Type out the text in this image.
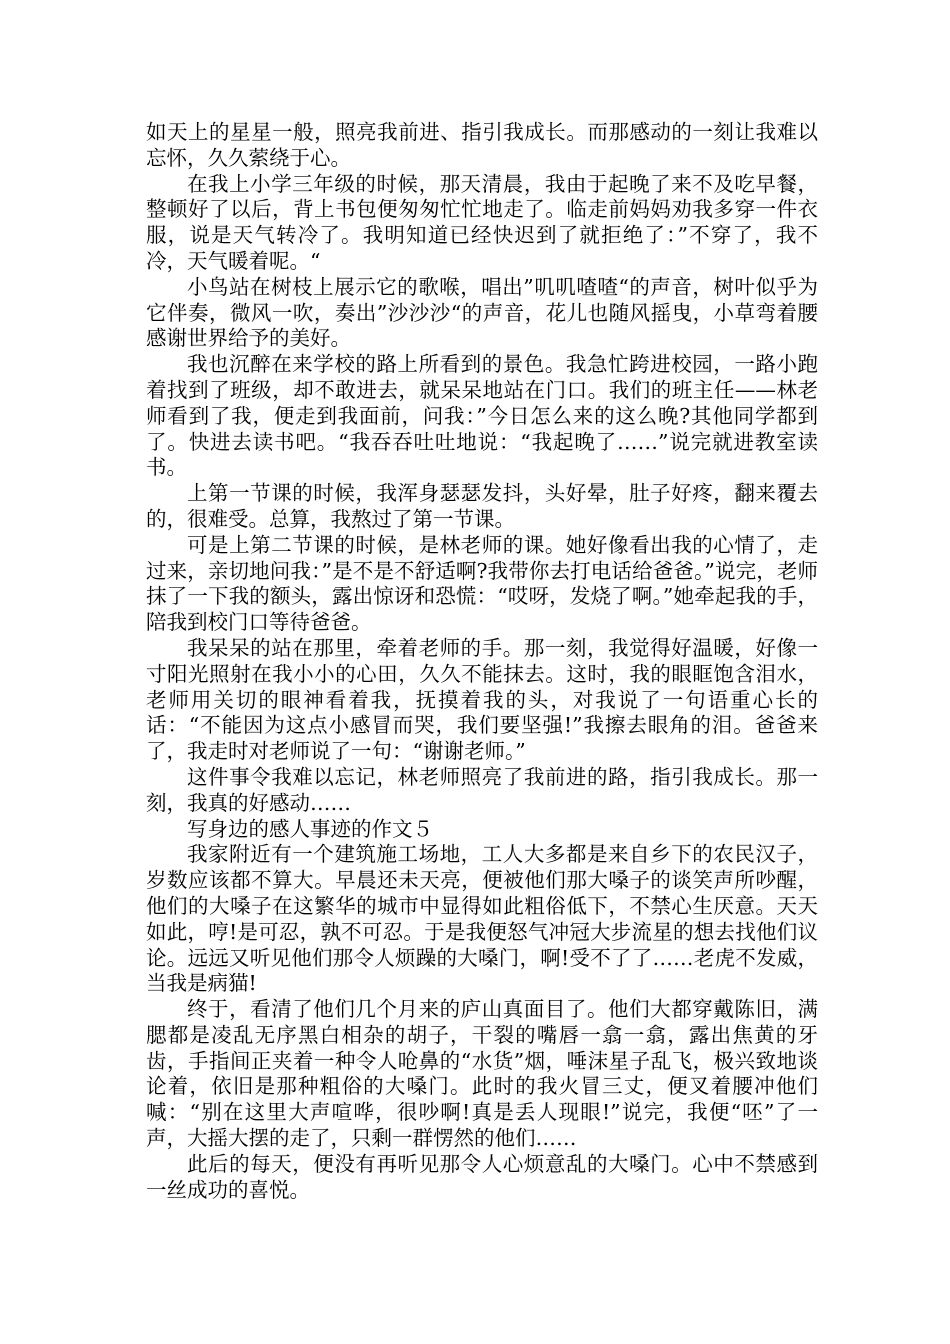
如天上的星星一般，照亮我前进、指引我成长。而那感动的一刻让我难以忘怀，久久萦绕于心。

在我上小学三年级的时候，那天清晨，我由于起晚了来不及吃早餐，整顿好了以后，背上书包便匆匆忙忙地走了。临走前妈妈劝我多穿一件衣服，说是天气转冷了。我明知道已经快迟到了就拒绝了：”不穿了，我不冷，天气暖着呢。“

小鸟站在树枝上展示它的歌喉，唱出”叽叽喳喳“的声音，树叶似乎为它伴奏，微风一吹，奏出”沙沙沙“的声音，花儿也随风摇曳，小草弯着腰感谢世界给予的美好。

我也沉醉在来学校的路上所看到的景色。我急忙跨进校园，一路小跑着找到了班级，却不敢进去，就呆呆地站在门口。我们的班主任——林老师看到了我，便走到我面前，问我：”今日怎么来的这么晚?其他同学都到了。快进去读书吧。“我吞吞吐吐地说：“我起晚了……”说完就进教室读书。

上第一节课的时候，我浑身瑟瑟发抖，头好晕，肚子好疼，翻来覆去的，很难受。总算，我熬过了第一节课。

可是上第二节课的时候，是林老师的课。她好像看出我的心情了，走过来，亲切地问我：”是不是不舒适啊?我带你去打电话给爸爸。”说完，老师抹了一下我的额头，露出惊讶和恐慌：“哎呀，发烧了啊。”她牵起我的手，陪我到校门口等待爸爸。

我呆呆的站在那里，牵着老师的手。那一刻，我觉得好温暖，好像一寸阳光照射在我小小的心田，久久不能抹去。这时，我的眼眶饱含泪水，老师用关切的眼神看着我，抚摸着我的头，对我说了一句语重心长的话：“不能因为这点小感冒而哭，我们要坚强!”我擦去眼角的泪。爸爸来了，我走时对老师说了一句：“谢谢老师。”

这件事令我难以忘记，林老师照亮了我前进的路，指引我成长。那一刻，我真的好感动……

写身边的感人事迹的作文５

我家附近有一个建筑施工场地，工人大多都是来自乡下的农民汉子，岁数应该都不算大。早晨还未天亮，便被他们那大嗓子的谈笑声所吵醒，他们的大嗓子在这繁华的城市中显得如此粗俗低下，不禁心生厌意。天天如此，哼!是可忍，孰不可忍。于是我便怒气冲冠大步流星的想去找他们议论。远远又听见他们那令人烦躁的大嗓门，啊!受不了了……老虎不发威，当我是病猫!

终于，看清了他们几个月来的庐山真面目了。他们大都穿戴陈旧，满腮都是凌乱无序黑白相杂的胡子，干裂的嘴唇一翕一翕，露出焦黄的牙齿，手指间正夹着一种令人呛鼻的“水货”烟，唾沫星子乱飞，极兴致地谈论着，依旧是那种粗俗的大嗓门。此时的我火冒三丈，便叉着腰冲他们喊：“别在这里大声喧哗，很吵啊!真是丢人现眼!”说完，我便“呸”了一声，大摇大摆的走了，只剩一群愣然的他们……

此后的每天，便没有再听见那令人心烦意乱的大嗓门。心中不禁感到一丝成功的喜悦。
